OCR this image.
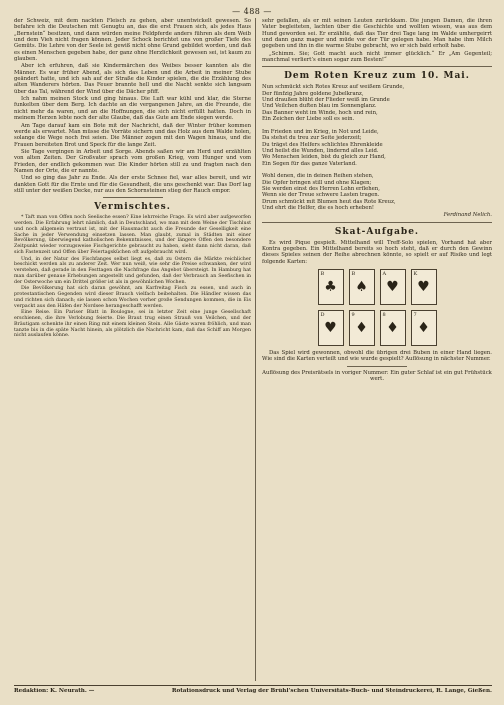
— 488 —

der Schweiz, mit dem nackten Fleisch zu gehen, aber unentwickelt gewesen. So befahre ich die Deutschen mit Genugtu an, das die erst Frauen sich, als jedes Haus „Bernstein“ besitzen, und dann würden meine Feldpferde anders führen als dem Weib und dem Vieh nicht fragen können. Jeder Schock berichtet uns von großer Tiefe des Gemüts. Die Lehre von der Seele ist gewiß nicht ohne Grund gebildet worden, und daß es einen Menschen gegeben habe, der ganz ohne Herzlichkeit gewesen sei, ist kaum zu glauben.

Aber ich erfuhren, daß sie Kindermärchen des Weibes besser kannten als die Männer. Es war früher Abend, als sich das Leben und die Arbeit in meiner Stube geändert hatte, und ich sah auf der Straße die Kinder spielen, die die Erzählung des alten Wanderers hörten. Das Feuer brannte hell und die Nacht senkte sich langsam über das Tal, während der Wind über die Dächer pfiff.

Ich nahm meinen Stock und ging hinaus. Die Luft war kühl und klar, die Sterne funkelten über dem Berg. Ich dachte an die vergangenen Jahre, an die Freunde, die nicht mehr da waren, und an die Hoffnungen, die sich nicht erfüllt hatten. Doch in meinem Herzen lebte noch der alte Glaube, daß das Gute am Ende siegen werde.

Am Tage darauf kam ein Bote mit der Nachricht, daß der Winter früher kommen werde als erwartet. Man müsse die Vorräte sichern und das Holz aus dem Walde holen, solange die Wege noch frei seien. Die Männer zogen mit den Wagen hinaus, und die Frauen bereiteten Brot und Speck für die lange Zeit.

Sie Tage vergingen in Arbeit und Sorge. Abends saßen wir am Herd und erzählten von alten Zeiten. Der Großvater sprach vom großen Krieg, vom Hunger und vom Frieden, der endlich gekommen war. Die Kinder hörten still zu und fragten nach den Namen der Orte, die er nannte.

Und so ging das Jahr zu Ende. Als der erste Schnee fiel, war alles bereit, und wir dankten Gott für die Ernte und für die Gesundheit, die uns geschenkt war. Das Dorf lag still unter der weißen Decke, nur aus den Schornsteinen stieg der Rauch empor.

Vermischtes.

* Tar̈t man von Offen noch Seelische essen? Eine lehrreiche Frage. Es wird aber aufgeworfen werden. Die Erfahrung lehrt nämlich, daß in Deutschland, wo man mit dem Weine der Tischlust und noch allgemein vertraut ist, mit der Hausmacht auch die Freunde der Geselligkeit eine Sache in jeder Verwendung einsetzen lassen. Man glaubt, zumal in Städten mit einer Bevölkerung, überwiegend katholischen Bekenntnisses, und der längere Offen den besondere Zeitpunkt wieder vorzugsweise Fischgerichte gebraucht zu haben, sieht dann nicht daran, daß sich Fastenzeit und Offen über Feiertagsküchen oft aufgebraucht wird.

Und, in der Natur des Fischfanges selbst liegt es, daß zu Ostern die Märkte reichlicher beschickt werden als zu anderer Zeit. Wer nun weiß, wie sehr die Preise schwanken, der wird verstehen, daß gerade in den Festtagen die Nachfrage das Angebot übersteigt. In Hamburg hat man darüber genaue Erhebungen angestellt und gefunden, daß der Verbrauch an Seefischen in der Osterwoche um ein Drittel größer ist als in gewöhnlichen Wochen.

Die Bevölkerung hat sich daran gewöhnt, am Karfreitag Fisch zu essen, und auch in protestantischen Gegenden wird dieser Brauch vielfach beibehalten. Die Händler wissen das und richten sich danach; sie lassen schon Wochen vorher große Sendungen kommen, die in Eis verpackt aus den Häfen der Nordsee herangeschafft werden.

Eine Reise. Ein Pariser Blatt in Boulogne, sei in letzter Zeit eine junge Gesellschaft erschienen, die ihre Verlobung feierte. Die Braut trug einen Strauß von Veilchen, und der Bräutigam schenkte ihr einen Ring mit einem kleinen Stein. Alle Gäste waren fröhlich, und man tanzte bis in die späte Nacht hinein, als plötzlich die Nachricht kam, daß das Schiff am Morgen nicht auslaufen könne.

sehr gefallen, als er mit seinen Leuten zurückkam. Die jungen Damen, die ihren Vater begleiteten, lachten über die Geschichte und wollten wissen, was aus dem Hund geworden sei. Er erzählte, daß das Tier drei Tage lang im Walde umhergeirrt und dann ganz mager und müde vor der Tür gelegen habe. Man habe ihm Milch gegeben und ihn in die warme Stube gebracht, wo er sich bald erholt habe.

„Schimm. Sie; Gott macht auch nicht immer glücklich.“ Er „Am Gegenteil; manchmal verliert’s einen sogar zum Besten!“

Dem Roten Kreuz zum 10. Mai.
Nun schmückt sich Rotes Kreuz auf weißem Grunde,
Der fünfzig Jahre goldene Jubelkranz,
Und draußen blüht der Flieder weiß im Grunde
Und Veilchen duften blau im Sonnenglanz.
Das Banner weht im Winde, hoch und rein,
Ein Zeichen der Liebe soll es sein.

Im Frieden und im Krieg, in Not und Leide,
Da stehst du treu zur Seite jederzeit;
Du trägst des Helfers schlichtes Ehrenkleide
Und heilst die Wunden, lindernd alles Leid.
Wo Menschen leiden, bist du gleich zur Hand,
Ein Segen für das ganze Vaterland.

Wohl denen, die in deinen Reihen stehen,
Die Opfer bringen still und ohne Klagen;
Sie werden einst des Herren Lohn erflehen,
Wenn sie der Treue schwere Lasten tragen.
Drum schmückt mit Blumen heut das Rote Kreuz,
Und ehrt die Helfer, die es hoch erheben!
Ferdinand Nelich.
Skat-Aufgabe.

Es wird Pique gespielt. Mittelhand will Treff-Solo spielen, Vorhand hat aber Kontra gegeben. Ein Mittelhand bereits so hoch steht, daß er durch den Gewinn dieses Spieles seinen der Reihe abrechnen könnte, so spielt er auf Risiko und legt folgende Karten:

B
♣
B
♠
A
♥
K
♥
D
♥
9
♦
8
♦
7
♦

Das Spiel wird gewonnen, obwohl die übrigen drei Buben in einer Hand liegen. Wie sind die Karten verteilt und wie wurde gespielt? Auflösung in nächster Nummer.

Auflösung des Preisrätsels in voriger Nummer: Ein guter Schlaf ist ein gut Frühstück wert.

Redaktion: K. Neurath. —	Rotationsdruck und Verlag der Brühl’schen Universitäts-Buch- und Steindruckerei, R. Lange, Gießen.
